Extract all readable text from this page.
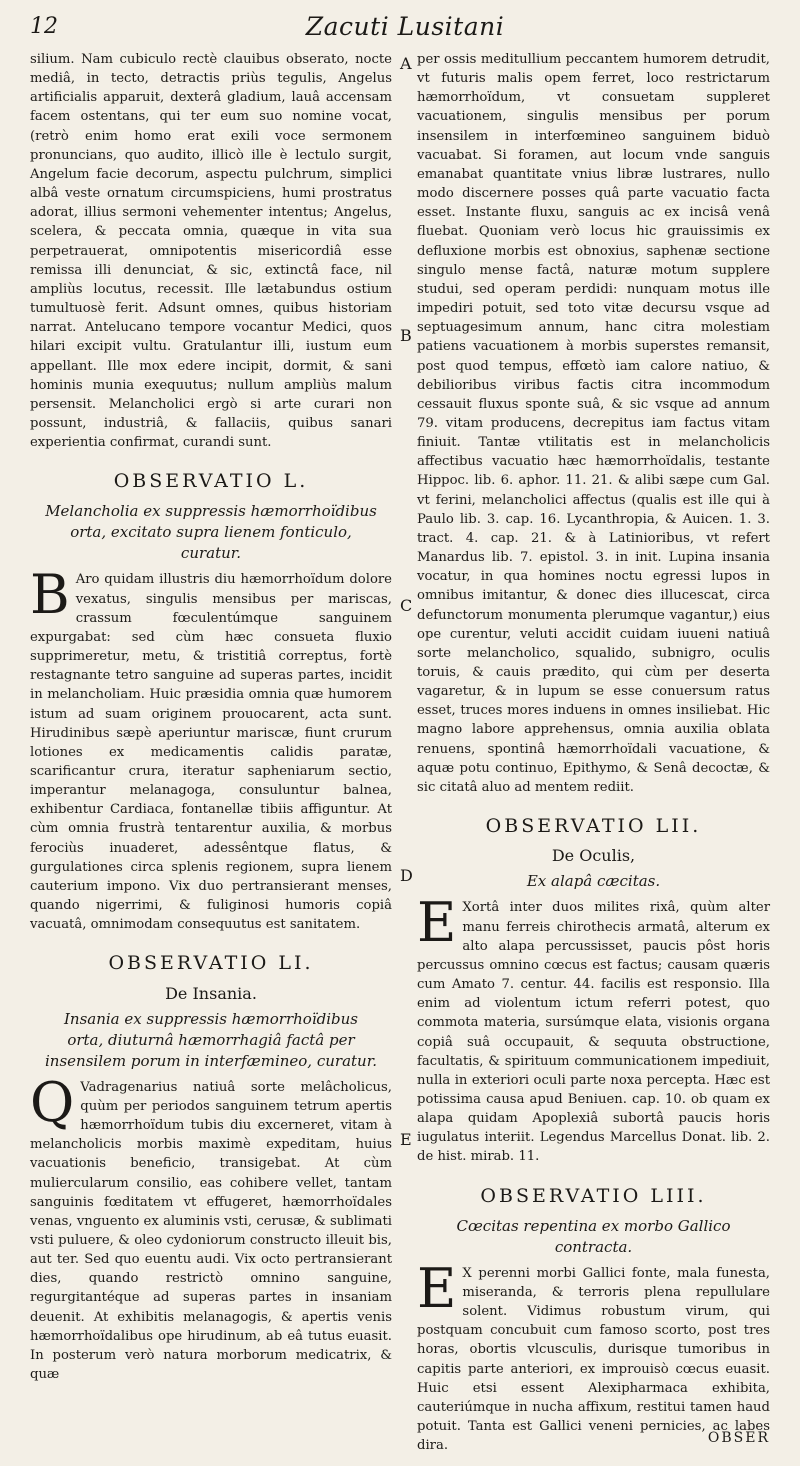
12	Zacuti Lusitani
A
B
C
D
E

silium. Nam cubiculo rectè clauibus obserato, nocte mediâ, in tecto, detractis priùs tegulis, Angelus artificialis apparuit, dexterâ gladium, lauâ accensam facem ostentans, qui ter eum suo nomine vocat, (retrò enim homo erat exili voce sermonem pronuncians, quo audito, illicò ille è lectulo surgit, Angelum facie decorum, aspectu pulchrum, simplici albâ veste ornatum circumspiciens, humi prostratus adorat, illius sermoni vehementer intentus; Angelus, scelera, & peccata omnia, quæque in vita sua perpetrauerat, omnipotentis misericordiâ esse remissa illi denunciat, & sic, extinctâ face, nil ampliùs locutus, recessit. Ille lætabundus ostium tumultuosè ferit. Adsunt omnes, quibus historiam narrat. Antelucano tempore vocantur Medici, quos hilari excipit vultu. Gratulantur illi, iustum eum appellant. Ille mox edere incipit, dormit, & sani hominis munia exequutus; nullum ampliùs malum persensit. Melancholici ergò si arte curari non possunt, industriâ, & fallaciis, quibus sanari experientia confirmat, curandi sunt.

OBSERVATIO L.
Melancholia ex suppressis hæmorrhoïdibus orta, excitato supra lienem fonticulo, curatur.

B Aro quidam illustris diu hæmorrhoïdum dolore vexatus, singulis mensibus per mariscas, crassum fœculentúmque sanguinem expurgabat: sed cùm hæc consueta fluxio supprimeretur, metu, & tristitiâ correptus, fortè restagnante tetro sanguine ad superas partes, incidit in melancholiam. Huic præsidia omnia quæ humorem istum ad suam originem prouocarent, acta sunt. Hirudinibus sæpè aperiuntur mariscæ, fiunt crurum lotiones ex medicamentis calidis paratæ, scarificantur crura, iteratur sapheniarum sectio, imperantur melanagoga, consuluntur balnea, exhibentur Cardiaca, fontanellæ tibiis affiguntur. At cùm omnia frustrà tentarentur auxilia, & morbus ferociùs inuaderet, adessêntque flatus, & gurgulationes circa splenis regionem, supra lienem cauterium impono. Vix duo pertransierant menses, quando nigerrimi, & fuliginosi humoris copiâ vacuatâ, omnimodam consequutus est sanitatem.

OBSERVATIO LI.
De Insania.
Insania ex suppressis hæmorrhoïdibus orta, diuturnâ hæmorrhagiâ factâ per insensilem porum in interfæmineo, curatur.

Q Vadragenarius natiuâ sorte melâcholicus, quùm per periodos sanguinem tetrum apertis hæmorrhoïdum tubis diu excerneret, vitam à melancholicis morbis maximè expeditam, huius vacuationis beneficio, transigebat. At cùm muliercularum consilio, eas cohibere vellet, tantam sanguinis fœditatem vt effugeret, hæmorrhoïdales venas, vnguento ex aluminis vsti, cerusæ, & sublimati vsti puluere, & oleo cydoniorum constructo illeuit bis, aut ter. Sed quo euentu audi. Vix octo pertransierant dies, quando restrictò omnino sanguine, regurgitantéque ad superas partes in insaniam deuenit. At exhibitis melanagogis, & apertis venis hæmorrhoïdalibus ope hirudinum, ab eâ tutus euasit. In posterum verò natura morborum medicatrix, & quæ

per ossis meditullium peccantem humorem detrudit, vt futuris malis opem ferret, loco restrictarum hæmorrhoïdum, vt consuetam suppleret vacuationem, singulis mensibus per porum insensilem in interfœmineo sanguinem biduò vacuabat. Si foramen, aut locum vnde sanguis emanabat quantitate vnius libræ lustrares, nullo modo discernere posses quâ parte vacuatio facta esset. Instante fluxu, sanguis ac ex incisâ venâ fluebat. Quoniam verò locus hic grauissimis ex defluxione morbis est obnoxius, saphenæ sectione singulo mense factâ, naturæ motum supplere studui, sed operam perdidi: nunquam motus ille impediri potuit, sed toto vitæ decursu vsque ad septuagesimum annum, hanc citra molestiam patiens vacuationem à morbis superstes remansit, post quod tempus, effœtò iam calore natiuo, & debilioribus viribus factis citra incommodum cessauit fluxus sponte suâ, & sic vsque ad annum 79. vitam producens, decrepitus iam factus vitam finiuit. Tantæ vtilitatis est in melancholicis affectibus vacuatio hæc hæmorrhoïdalis, testante Hippoc. lib. 6. aphor. 11. 21. & alibi sæpe cum Gal. vt ferini, melancholici affectus (qualis est ille qui à Paulo lib. 3. cap. 16. Lycanthropia, & Auicen. 1. 3. tract. 4. cap. 21. & à Latinioribus, vt refert Manardus lib. 7. epistol. 3. in init. Lupina insania vocatur, in qua homines noctu egressi lupos in omnibus imitantur, & donec dies illucescat, circa defunctorum monumenta plerumque vagantur,) eius ope curentur, veluti accidit cuidam iuueni natiuâ sorte melancholico, squalido, subnigro, oculis toruis, & cauis prædito, qui cùm per deserta vagaretur, & in lupum se esse conuersum ratus esset, truces mores induens in omnes insiliebat. Hic magno labore apprehensus, omnia auxilia oblata renuens, spontinâ hæmorrhoïdali vacuatione, & aquæ potu continuo, Epithymo, & Senâ decoctæ, & sic citatâ aluo ad mentem rediit.

OBSERVATIO LII.
De Oculis,
Ex alapâ cæcitas.

E Xortâ inter duos milites rixâ, quùm alter manu ferreis chirothecis armatâ, alterum ex alto alapa percussisset, paucis pôst horis percussus omnino cœcus est factus; causam quæris cum Amato 7. centur. 44. facilis est responsio. Illa enim ad violentum ictum referri potest, quo commota materia, sursúmque elata, visionis organa copiâ suâ occupauit, & sequuta obstructione, facultatis, & spirituum communicationem impediuit, nulla in exteriori oculi parte noxa percepta. Hæc est potissima causa apud Beniuen. cap. 10. ob quam ex alapa quidam Apoplexiâ subortâ paucis horis iugulatus interiit. Legendus Marcellus Donat. lib. 2. de hist. mirab. 11.

OBSERVATIO LIII.
Cœcitas repentina ex morbo Gallico contracta.

E X perenni morbi Gallici fonte, mala funesta, miseranda, & terroris plena repullulare solent. Vidimus robustum virum, qui postquam concubuit cum famoso scorto, post tres horas, obortis vlcusculis, durisque tumoribus in capitis parte anteriori, ex improuisò cœcus euasit. Huic etsi essent Alexipharmaca exhibita, cauteriúmque in nucha affixum, restitui tamen haud potuit. Tanta est Gallici veneni pernicies, ac labes dira.	OBSER
